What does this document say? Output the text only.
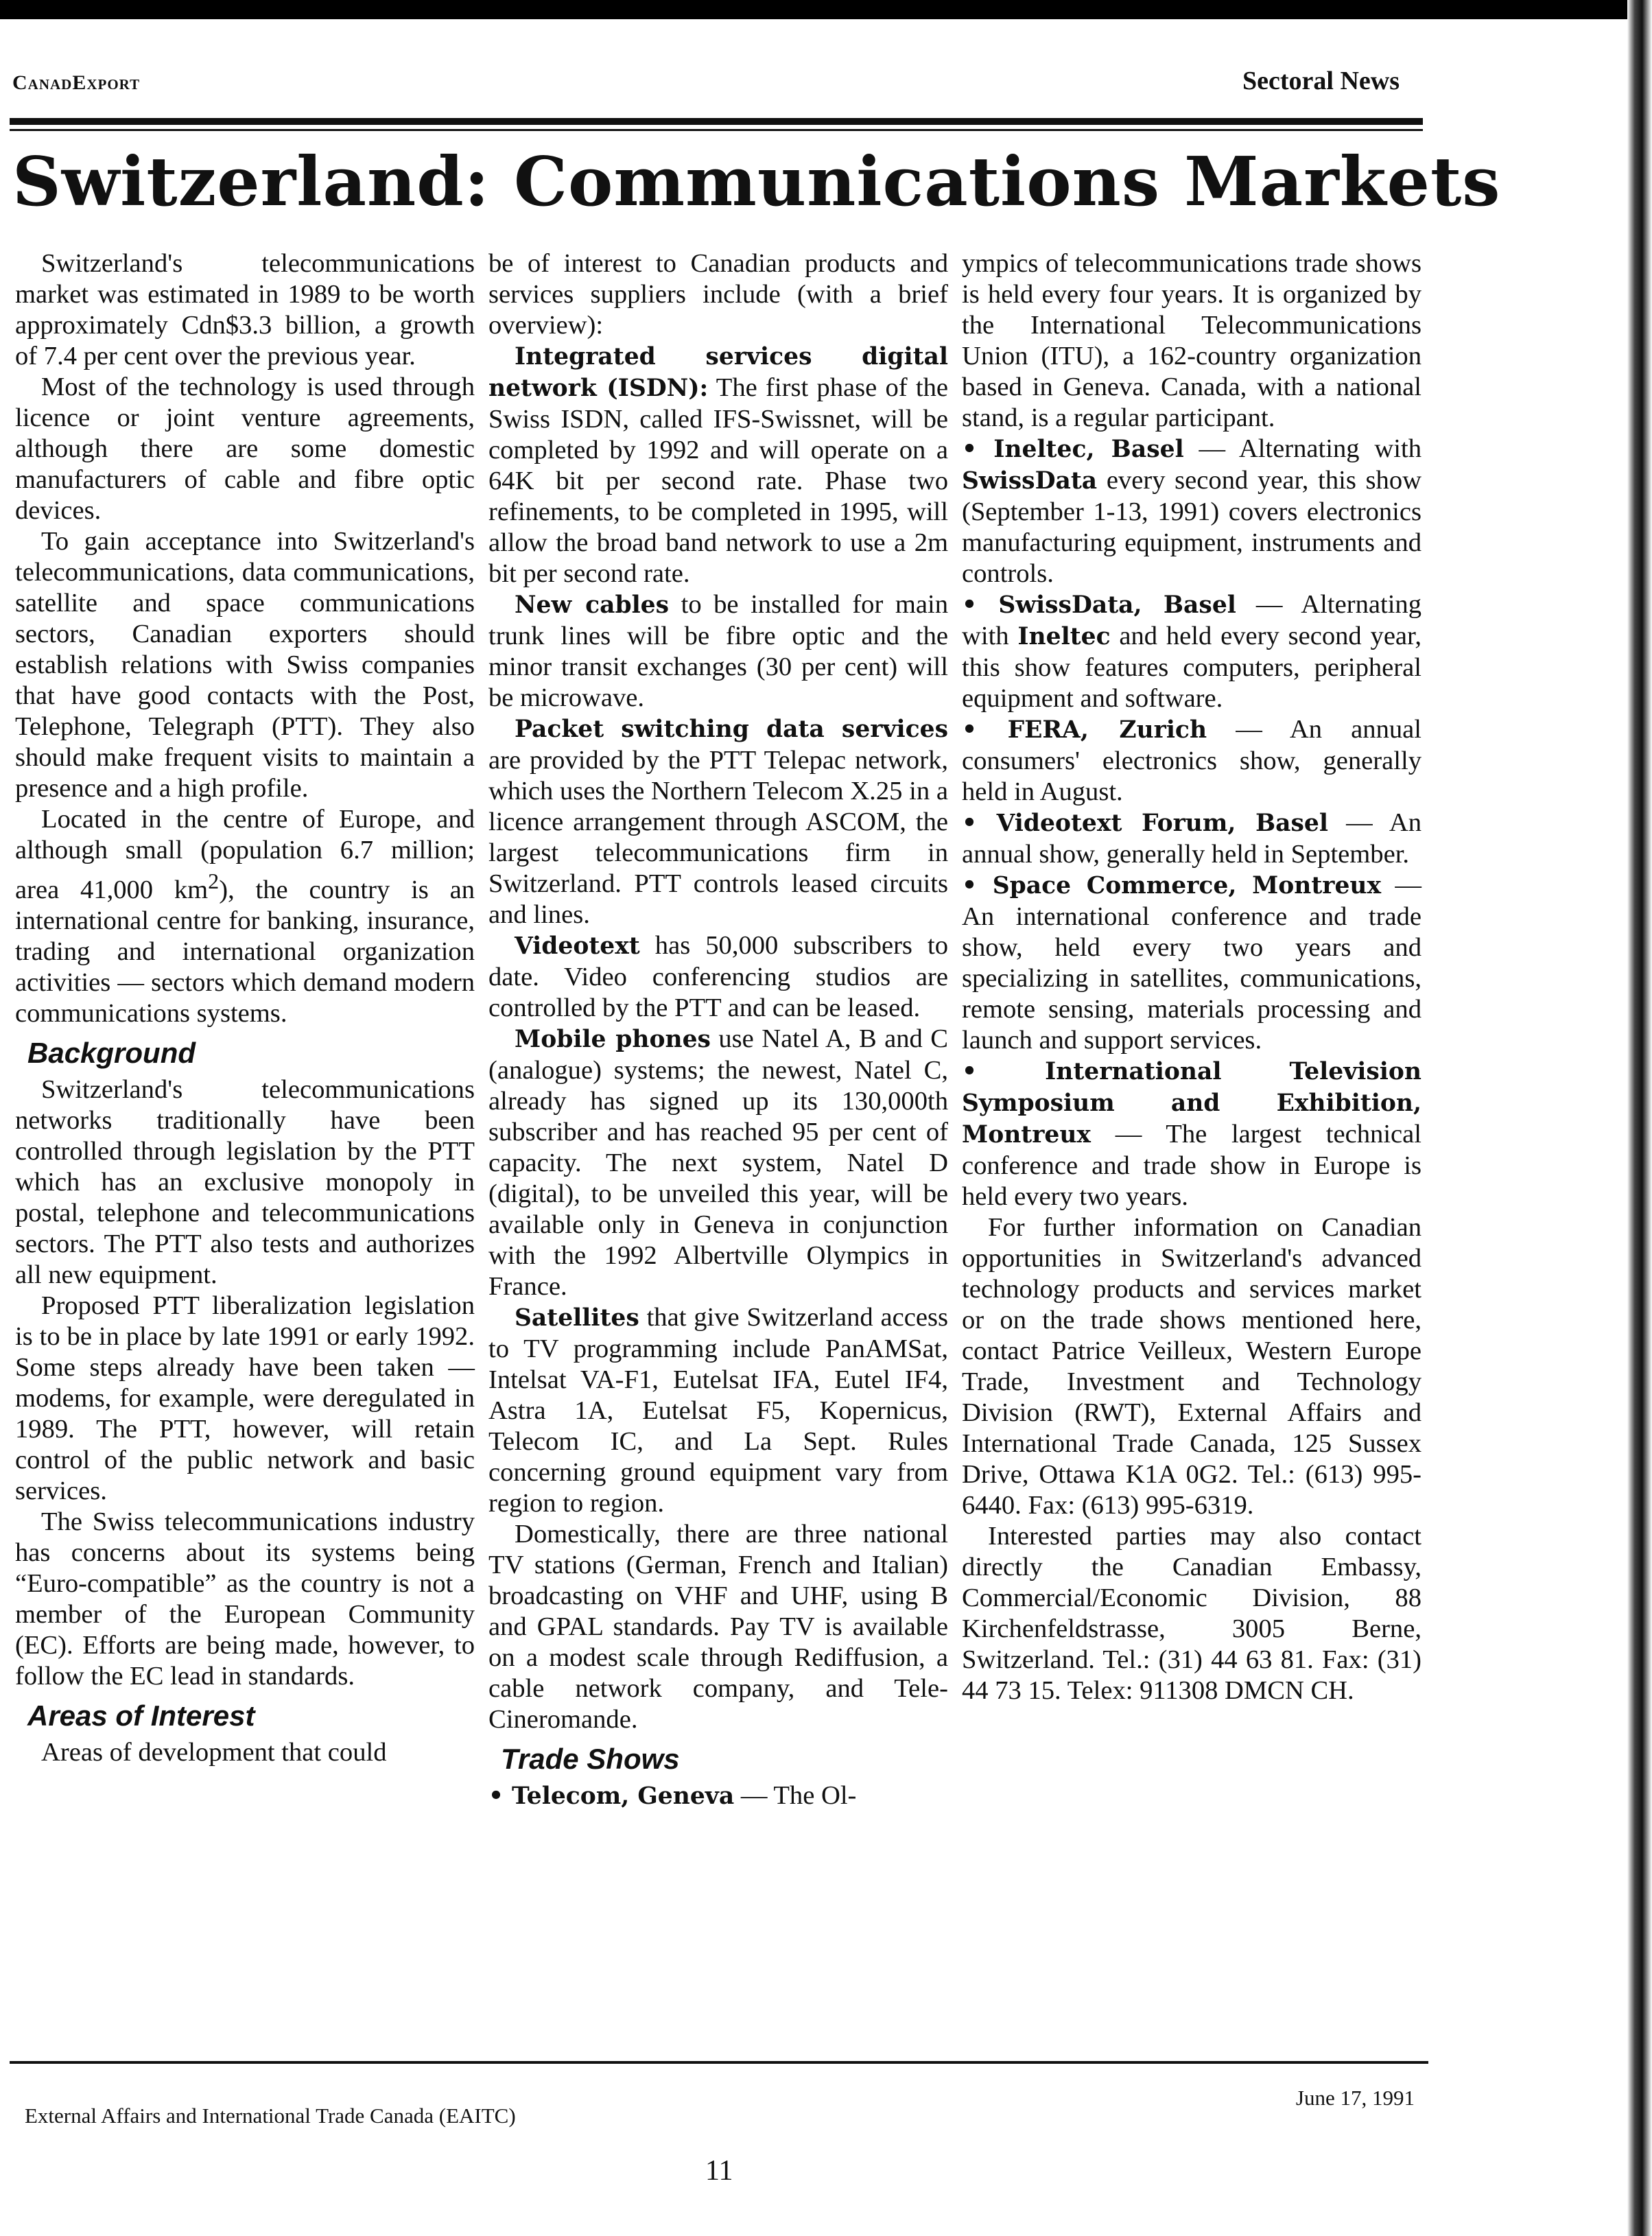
CanadExport	Sectoral News
Switzerland: Communications Markets

Switzerland's telecommunications market was estimated in 1989 to be worth approximately Cdn$3.3 billion, a growth of 7.4 per cent over the previous year.

Most of the technology is used through licence or joint venture agreements, although there are some domestic manufacturers of cable and fibre optic devices.

To gain acceptance into Switzerland's telecommunications, data communications, satellite and space communications sectors, Canadian exporters should establish relations with Swiss companies that have good contacts with the Post, Telephone, Telegraph (PTT). They also should make frequent visits to maintain a presence and a high profile.

Located in the centre of Europe, and although small (population 6.7 million; area 41,000 $km^2$), the country is an international centre for banking, insurance, trading and international organization activities — sectors which demand modern communications systems.

Background

Switzerland's telecommunications networks traditionally have been controlled through legislation by the PTT which has an exclusive monopoly in postal, telephone and telecommunications sectors. The PTT also tests and authorizes all new equipment.

Proposed PTT liberalization legislation is to be in place by late 1991 or early 1992. Some steps already have been taken — modems, for example, were deregulated in 1989. The PTT, however, will retain control of the public network and basic services.

The Swiss telecommunications industry has concerns about its systems being “Euro-compatible” as the country is not a member of the European Community (EC). Efforts are being made, however, to follow the EC lead in standards.

Areas of Interest

Areas of development that could

be of interest to Canadian products and services suppliers include (with a brief overview):

Integrated services digital network (ISDN): The first phase of the Swiss ISDN, called IFS-Swissnet, will be completed by 1992 and will operate on a 64K bit per second rate. Phase two refinements, to be completed in 1995, will allow the broad band network to use a 2m bit per second rate.

New cables to be installed for main trunk lines will be fibre optic and the minor transit exchanges (30 per cent) will be microwave.

Packet switching data services are provided by the PTT Telepac network, which uses the Northern Telecom X.25 in a licence arrangement through ASCOM, the largest telecommunications firm in Switzerland. PTT controls leased circuits and lines.

Videotext has 50,000 subscribers to date. Video conferencing studios are controlled by the PTT and can be leased.

Mobile phones use Natel A, B and C (analogue) systems; the newest, Natel C, already has signed up its 130,000th subscriber and has reached 95 per cent of capacity. The next system, Natel D (digital), to be unveiled this year, will be available only in Geneva in conjunction with the 1992 Albertville Olympics in France.

Satellites that give Switzerland access to TV programming include PanAMSat, Intelsat VA-F1, Eutelsat IFA, Eutel IF4, Astra 1A, Eutelsat F5, Kopernicus, Telecom IC, and La Sept. Rules concerning ground equipment vary from region to region.

Domestically, there are three national TV stations (German, French and Italian) broadcasting on VHF and UHF, using B and GPAL standards. Pay TV is available on a modest scale through Rediffusion, a cable network company, and Tele-Cineromande.

Trade Shows

• Telecom, Geneva — The Ol-

ympics of telecommunications trade shows is held every four years. It is organized by the International Telecommunications Union (ITU), a 162-country organization based in Geneva. Canada, with a national stand, is a regular participant.

• Ineltec, Basel — Alternating with SwissData every second year, this show (September 1-13, 1991) covers electronics manufacturing equipment, instruments and controls.

• SwissData, Basel — Alternating with Ineltec and held every second year, this show features computers, peripheral equipment and software.

• FERA, Zurich — An annual consumers' electronics show, generally held in August.

• Videotext Forum, Basel — An annual show, generally held in September.

• Space Commerce, Montreux — An international conference and trade show, held every two years and specializing in satellites, communications, remote sensing, materials processing and launch and support services.

• International Television Symposium and Exhibition, Montreux — The largest technical conference and trade show in Europe is held every two years.

For further information on Canadian opportunities in Switzerland's advanced technology products and services market or on the trade shows mentioned here, contact Patrice Veilleux, Western Europe Trade, Investment and Technology Division (RWT), External Affairs and International Trade Canada, 125 Sussex Drive, Ottawa K1A 0G2. Tel.: (613) 995-6440. Fax: (613) 995-6319.

Interested parties may also contact directly the Canadian Embassy, Commercial/Economic Division, 88 Kirchenfeldstrasse, 3005 Berne, Switzerland. Tel.: (31) 44 63 81. Fax: (31) 44 73 15. Telex: 911308 DMCN CH.

External Affairs and International Trade Canada (EAITC)
June 17, 1991
11
